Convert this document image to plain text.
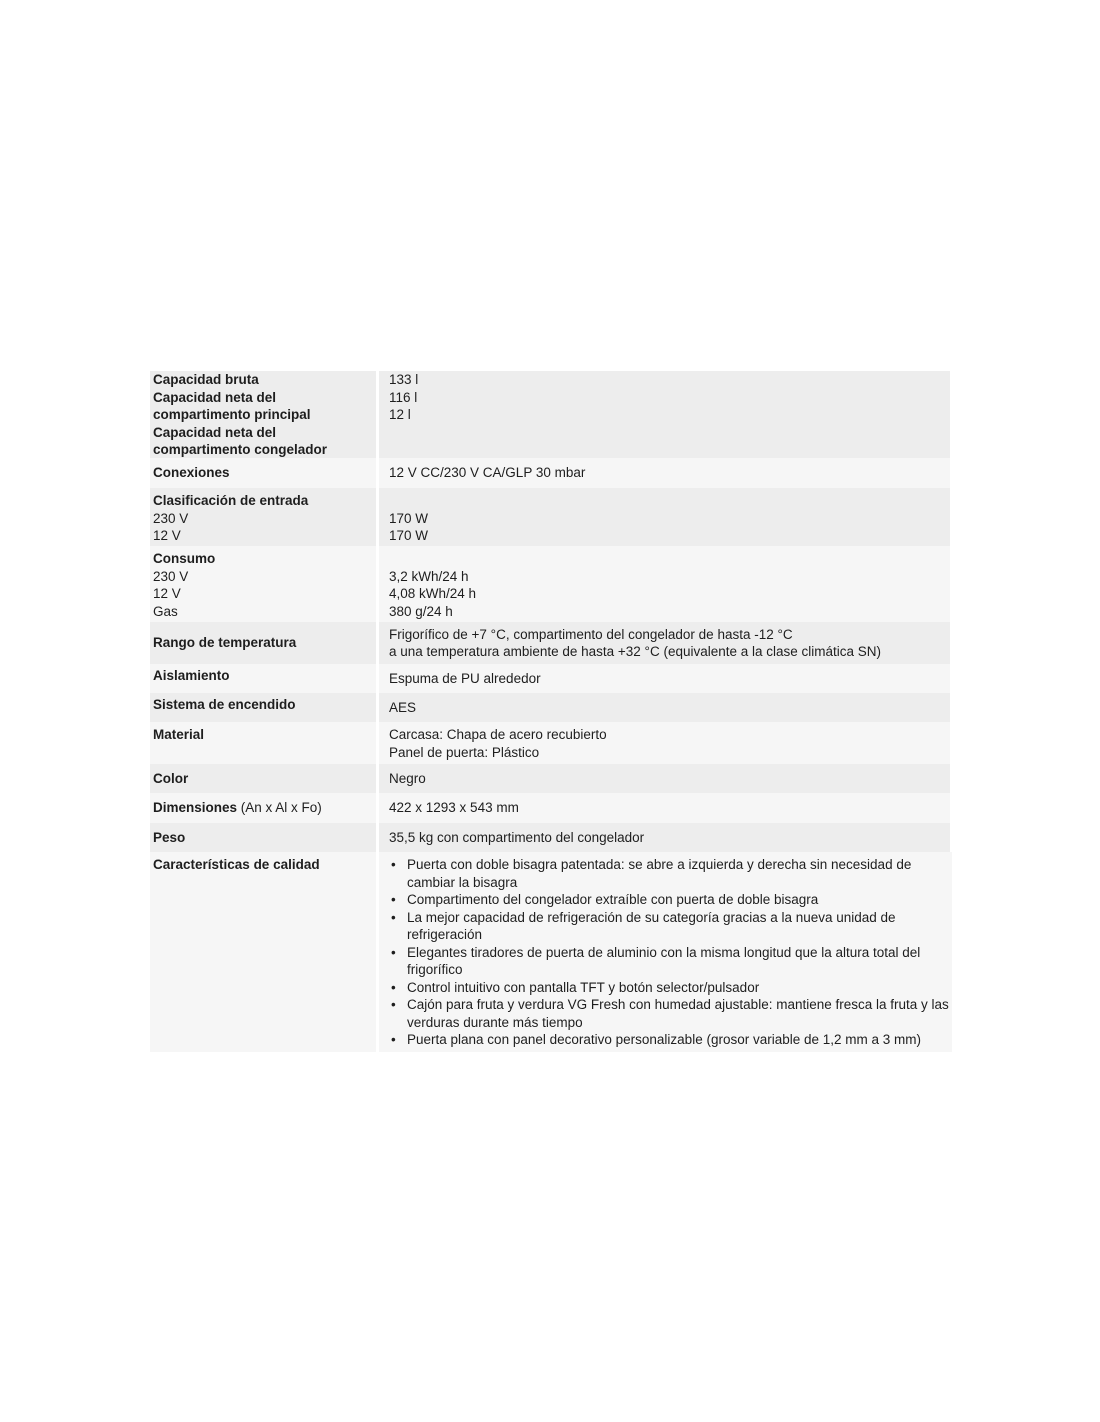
Capacidad bruta
Capacidad neta del
compartimento principal
Capacidad neta del
compartimento congelador
133 l
116 l
12 l
Conexiones	12 V CC/230 V CA/GLP 30 mbar
Clasificación de entrada
230 V
12 V
170 W
170 W
Consumo
230 V
12 V
Gas
3,2 kWh/24 h
4,08 kWh/24 h
380 g/24 h
Rango de temperatura
Frigorífico de +7 °C, compartimento del congelador de hasta -12 °C
a una temperatura ambiente de hasta +32 °C (equivalente a la clase climática SN)
Aislamiento	Espuma de PU alrededor
Sistema de encendido	AES
Material	Carcasa: Chapa de acero recubierto
Panel de puerta: Plástico
Color	Negro
Dimensiones (An x Al x Fo)	422 x 1293 x 543 mm
Peso	35,5 kg con compartimento del congelador
Características de calidad
•	Puerta con doble bisagra patentada: se abre a izquierda y derecha sin necesidad de cambiar la bisagra
• Compartimento del congelador extraíble con puerta de doble bisagra
• La mejor capacidad de refrigeración de su categoría gracias a la nueva unidad de refrigeración
• Elegantes tiradores de puerta de aluminio con la misma longitud que la altura total del frigorífico
• Control intuitivo con pantalla TFT y botón selector/pulsador
• Cajón para fruta y verdura VG Fresh con humedad ajustable: mantiene fresca la fruta y las verduras durante más tiempo
• Puerta plana con panel decorativo personalizable (grosor variable de 1,2 mm a 3 mm)
